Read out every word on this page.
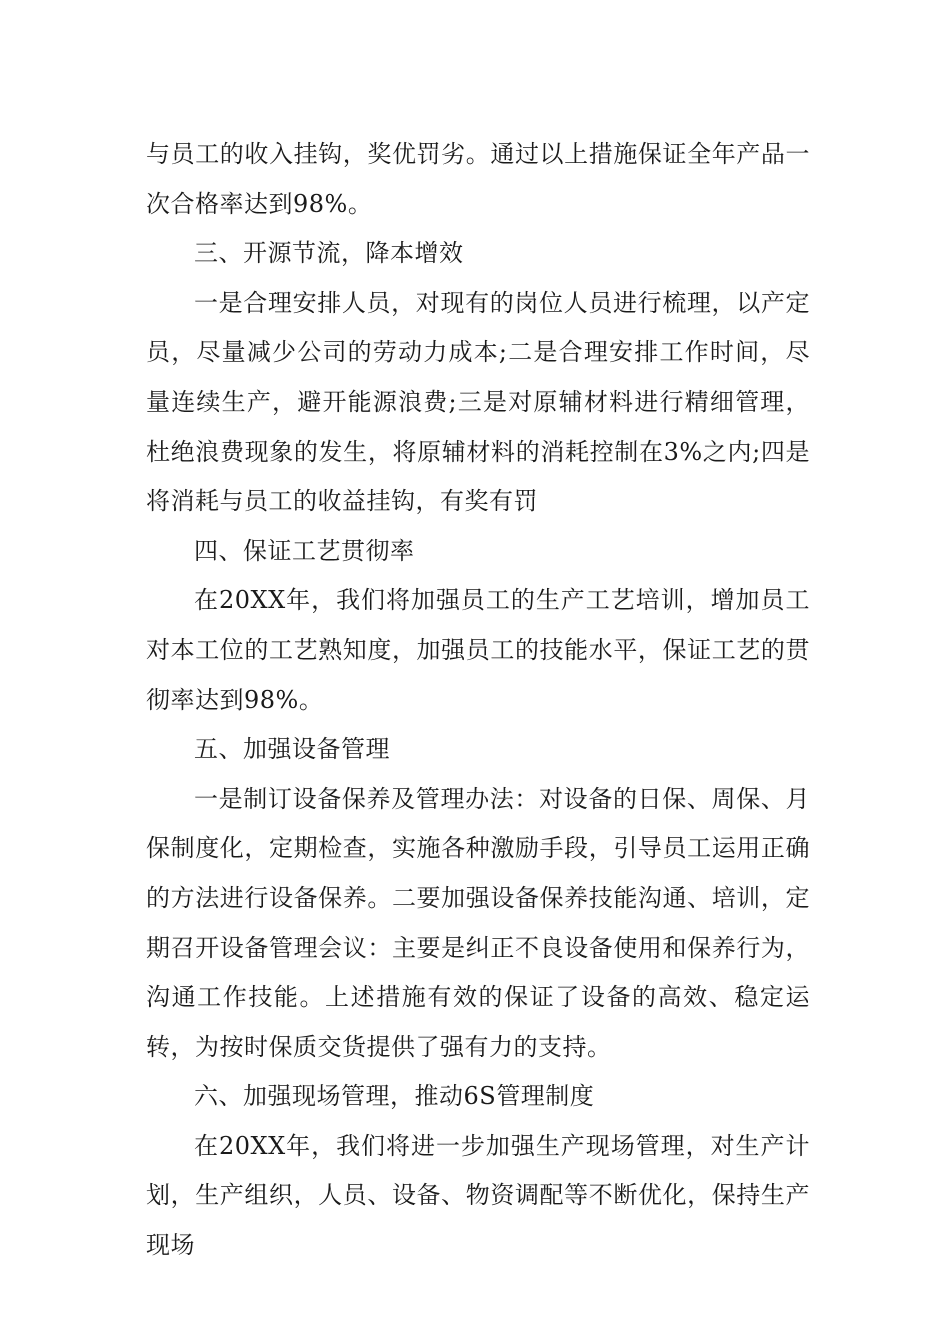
与员工的收入挂钩，奖优罚劣。通过以上措施保证全年产品一次合格率达到98%。

三、开源节流，降本增效

一是合理安排人员，对现有的岗位人员进行梳理，以产定员，尽量减少公司的劳动力成本;二是合理安排工作时间，尽量连续生产，避开能源浪费;三是对原辅材料进行精细管理，杜绝浪费现象的发生，将原辅材料的消耗控制在3%之内;四是将消耗与员工的收益挂钩，有奖有罚

四、保证工艺贯彻率

在20XX年，我们将加强员工的生产工艺培训，增加员工对本工位的工艺熟知度，加强员工的技能水平，保证工艺的贯彻率达到98%。

五、加强设备管理

一是制订设备保养及管理办法：对设备的日保、周保、月保制度化，定期检查，实施各种激励手段，引导员工运用正确的方法进行设备保养。二要加强设备保养技能沟通、培训，定期召开设备管理会议：主要是纠正不良设备使用和保养行为，沟通工作技能。上述措施有效的保证了设备的高效、稳定运转，为按时保质交货提供了强有力的支持。

六、加强现场管理，推动6S管理制度

在20XX年，我们将进一步加强生产现场管理，对生产计划，生产组织，人员、设备、物资调配等不断优化，保持生产现场
